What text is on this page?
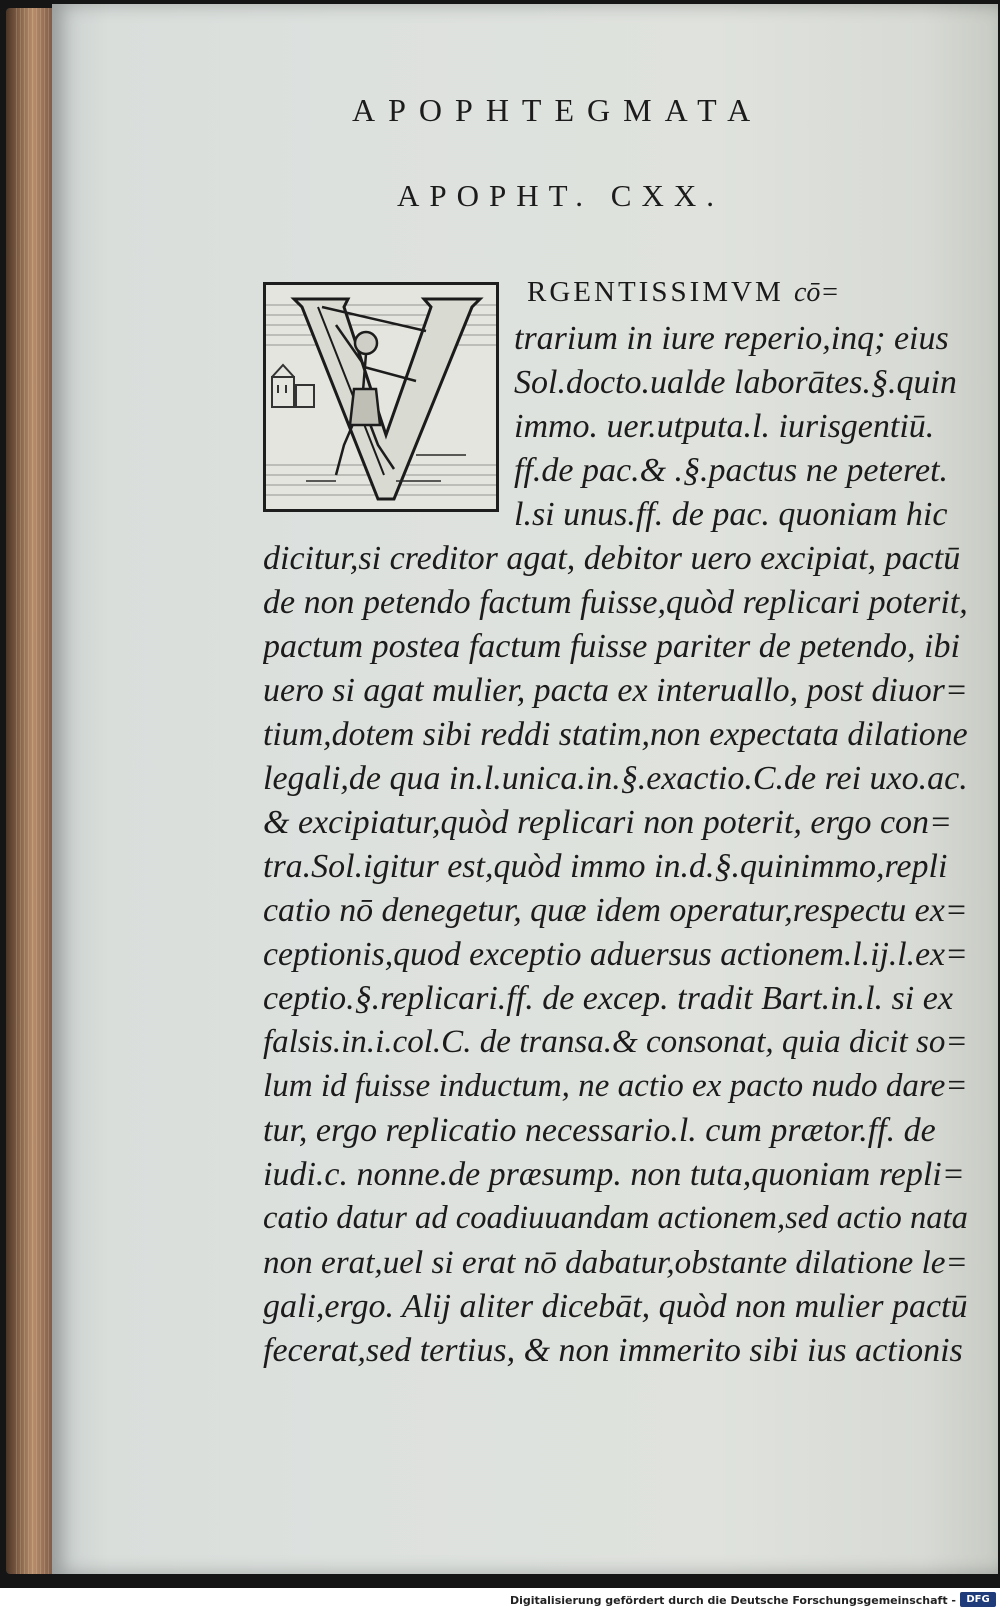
APOPHTEGMATA
APOPHT. CXX.
RGENTISSIMVM cō=
trarium in iure reperio,inq; eius
Sol.docto.ualde laborātes.§.quin
immo. uer.utputa.l. iurisgentiū.
ff.de pac.& .§.pactus ne peteret.
l.si unus.ff. de pac. quoniam hic
dicitur,si creditor agat, debitor uero excipiat, pactū
de non petendo factum fuisse,quòd replicari poterit,
pactum postea factum fuisse pariter de petendo, ibi
uero si agat mulier, pacta ex interuallo, post diuor=
tium,dotem sibi reddi statim,non expectata dilatione
legali,de qua in.l.unica.in.§.exactio.C.de rei uxo.ac.
& excipiatur,quòd replicari non poterit, ergo con=
tra.Sol.igitur est,quòd immo in.d.§.quinimmo,repli
catio nō denegetur, quæ idem operatur,respectu ex=
ceptionis,quod exceptio aduersus actionem.l.ij.l.ex=
ceptio.§.replicari.ff. de excep. tradit Bart.in.l. si ex
falsis.in.i.col.C. de transa.& consonat, quia dicit so=
lum id fuisse inductum, ne actio ex pacto nudo dare=
tur, ergo replicatio necessario.l. cum prætor.ff. de
iudi.c. nonne.de præsump. non tuta,quoniam repli=
catio datur ad coadiuuandam actionem,sed actio nata
non erat,uel si erat nō dabatur,obstante dilatione le=
gali,ergo. Alij aliter dicebāt, quòd non mulier pactū
fecerat,sed tertius, & non immerito sibi ius actionis
Digitalisierung gefördert durch die Deutsche Forschungsgemeinschaft -	DFG
